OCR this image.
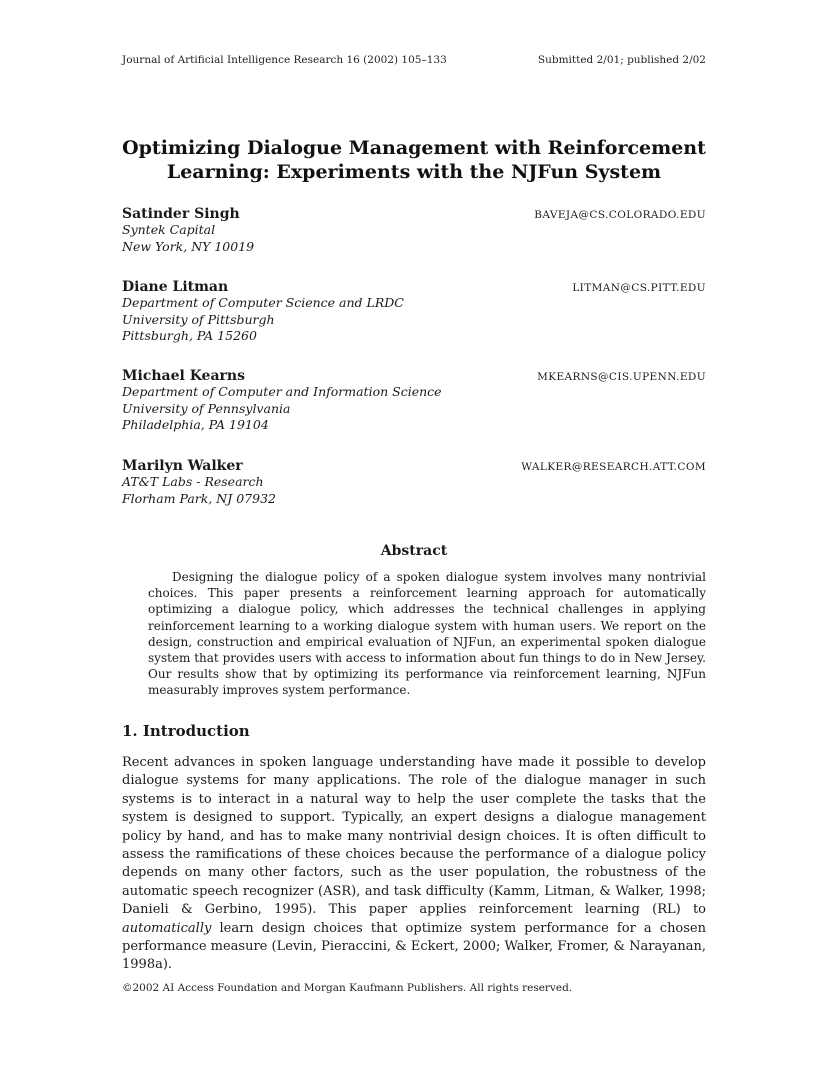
Journal of Artificial Intelligence Research 16 (2002) 105–133	Submitted 2/01; published 2/02
Optimizing Dialogue Management with Reinforcement Learning: Experiments with the NJFun System
Satinder Singh	BAVEJA@CS.COLORADO.EDU
Syntek Capital
New York, NY 10019
Diane Litman	LITMAN@CS.PITT.EDU
Department of Computer Science and LRDC
University of Pittsburgh
Pittsburgh, PA 15260
Michael Kearns	MKEARNS@CIS.UPENN.EDU
Department of Computer and Information Science
University of Pennsylvania
Philadelphia, PA 19104
Marilyn Walker	WALKER@RESEARCH.ATT.COM
AT&T Labs - Research
Florham Park, NJ 07932
Abstract
Designing the dialogue policy of a spoken dialogue system involves many nontrivial choices. This paper presents a reinforcement learning approach for automatically optimizing a dialogue policy, which addresses the technical challenges in applying reinforcement learning to a working dialogue system with human users. We report on the design, construction and empirical evaluation of NJFun, an experimental spoken dialogue system that provides users with access to information about fun things to do in New Jersey. Our results show that by optimizing its performance via reinforcement learning, NJFun measurably improves system performance.
1. Introduction
Recent advances in spoken language understanding have made it possible to develop dialogue systems for many applications. The role of the dialogue manager in such systems is to interact in a natural way to help the user complete the tasks that the system is designed to support. Typically, an expert designs a dialogue management policy by hand, and has to make many nontrivial design choices. It is often difficult to assess the ramifications of these choices because the performance of a dialogue policy depends on many other factors, such as the user population, the robustness of the automatic speech recognizer (ASR), and task difficulty (Kamm, Litman, & Walker, 1998; Danieli & Gerbino, 1995). This paper applies reinforcement learning (RL) to automatically learn design choices that optimize system performance for a chosen performance measure (Levin, Pieraccini, & Eckert, 2000; Walker, Fromer, & Narayanan, 1998a).
©2002 AI Access Foundation and Morgan Kaufmann Publishers. All rights reserved.
